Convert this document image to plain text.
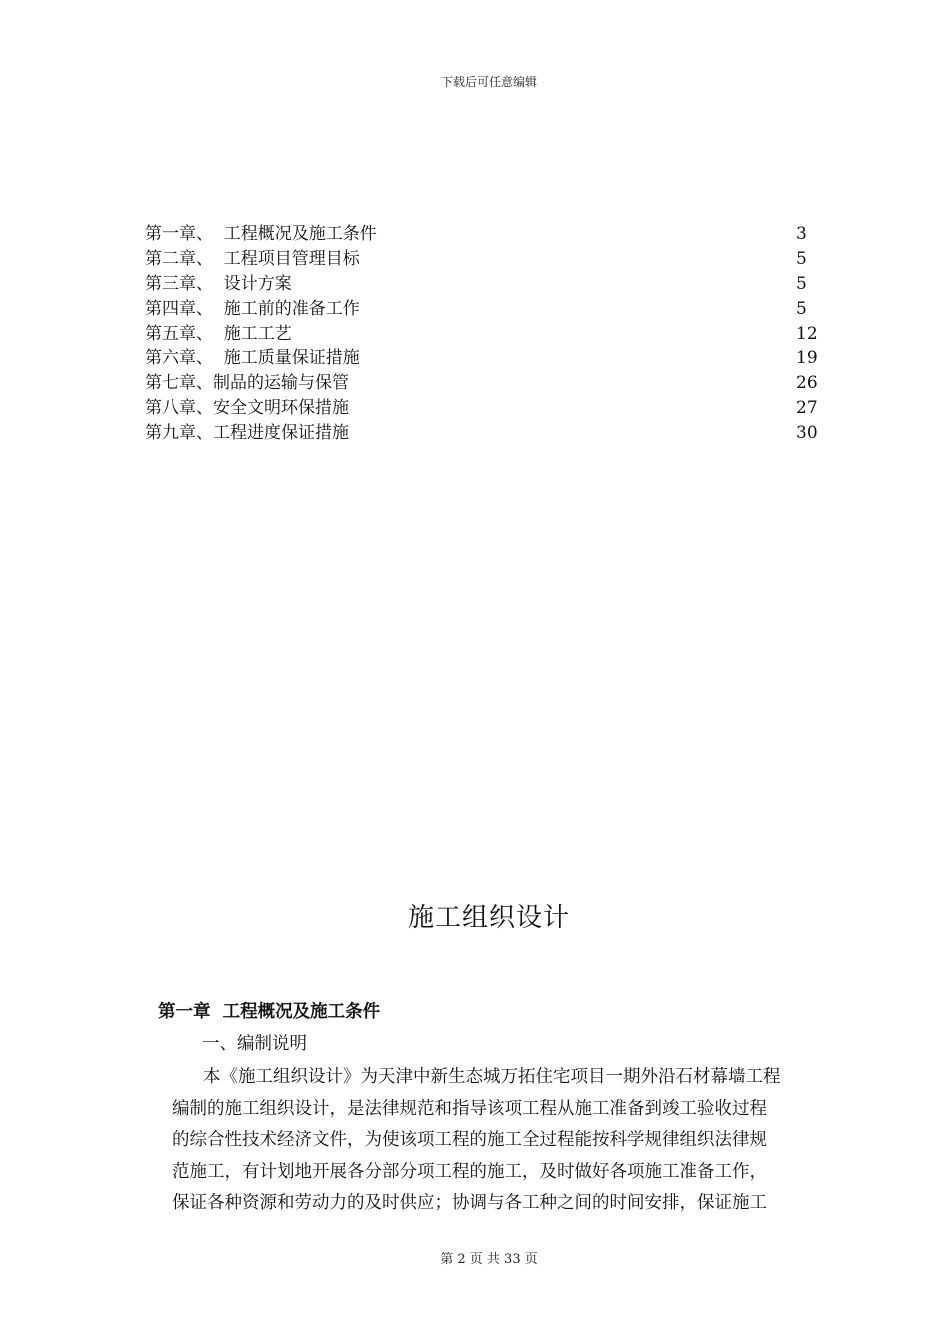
下载后可任意编辑
第一章、  工程概况及施工条件	3
第二章、  工程项目管理目标	5
第三章、  设计方案	5
第四章、  施工前的准备工作	5
第五章、  施工工艺	12
第六章、  施工质量保证措施	19
第七章、制品的运输与保管	26
第八章、安全文明环保措施	27
第九章、工程进度保证措施	30
施工组织设计
第一章  工程概况及施工条件
一、编制说明
本《施工组织设计》为天津中新生态城万拓住宅项目一期外沿石材幕墙工程
编制的施工组织设计，是法律规范和指导该项工程从施工准备到竣工验收过程
的综合性技术经济文件，为使该项工程的施工全过程能按科学规律组织法律规
范施工，有计划地开展各分部分项工程的施工，及时做好各项施工准备工作，
保证各种资源和劳动力的及时供应；协调与各工种之间的时间安排，保证施工
第 2 页 共 33 页
